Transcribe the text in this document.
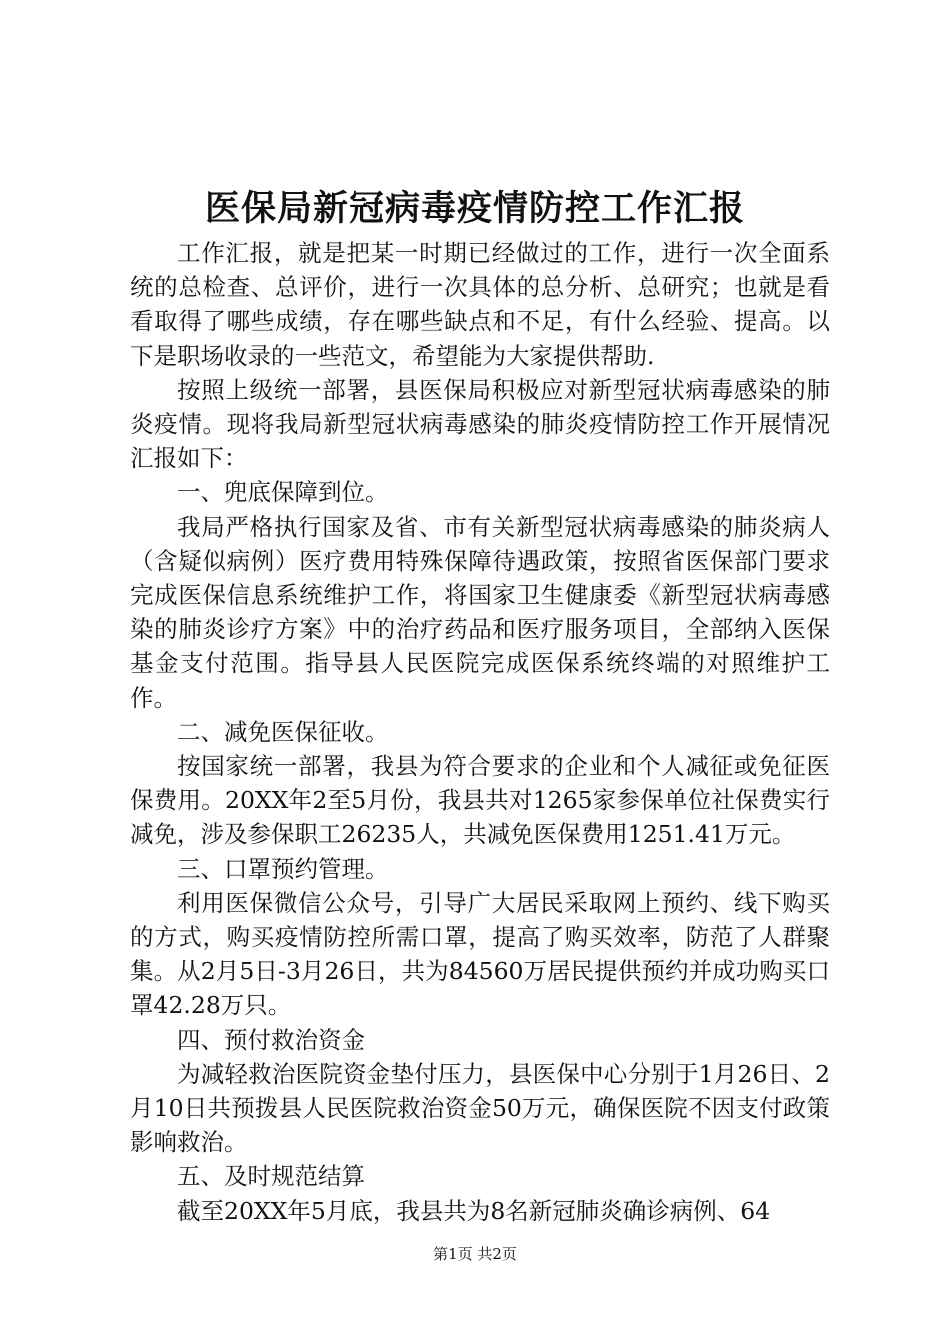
医保局新冠病毒疫情防控工作汇报

工作汇报，就是把某一时期已经做过的工作，进行一次全面系统的总检查、总评价，进行一次具体的总分析、总研究；也就是看看取得了哪些成绩，存在哪些缺点和不足，有什么经验、提高。以下是职场收录的一些范文，希望能为大家提供帮助.

按照上级统一部署，县医保局积极应对新型冠状病毒感染的肺炎疫情。现将我局新型冠状病毒感染的肺炎疫情防控工作开展情况汇报如下：

一、兜底保障到位。

我局严格执行国家及省、市有关新型冠状病毒感染的肺炎病人（含疑似病例）医疗费用特殊保障待遇政策，按照省医保部门要求完成医保信息系统维护工作，将国家卫生健康委《新型冠状病毒感染的肺炎诊疗方案》中的治疗药品和医疗服务项目，全部纳入医保基金支付范围。指导县人民医院完成医保系统终端的对照维护工作。

二、减免医保征收。

按国家统一部署，我县为符合要求的企业和个人减征或免征医保费用。20XX年2至5月份，我县共对1265家参保单位社保费实行减免，涉及参保职工26235人，共减免医保费用1251.41万元。

三、口罩预约管理。

利用医保微信公众号，引导广大居民采取网上预约、线下购买的方式，购买疫情防控所需口罩，提高了购买效率，防范了人群聚集。从2月5日-3月26日，共为84560万居民提供预约并成功购买口罩42.28万只。

四、预付救治资金

为减轻救治医院资金垫付压力，县医保中心分别于1月26日、2月10日共预拨县人民医院救治资金50万元，确保医院不因支付政策影响救治。

五、及时规范结算

截至20XX年5月底，我县共为8名新冠肺炎确诊病例、64

第1页 共2页
